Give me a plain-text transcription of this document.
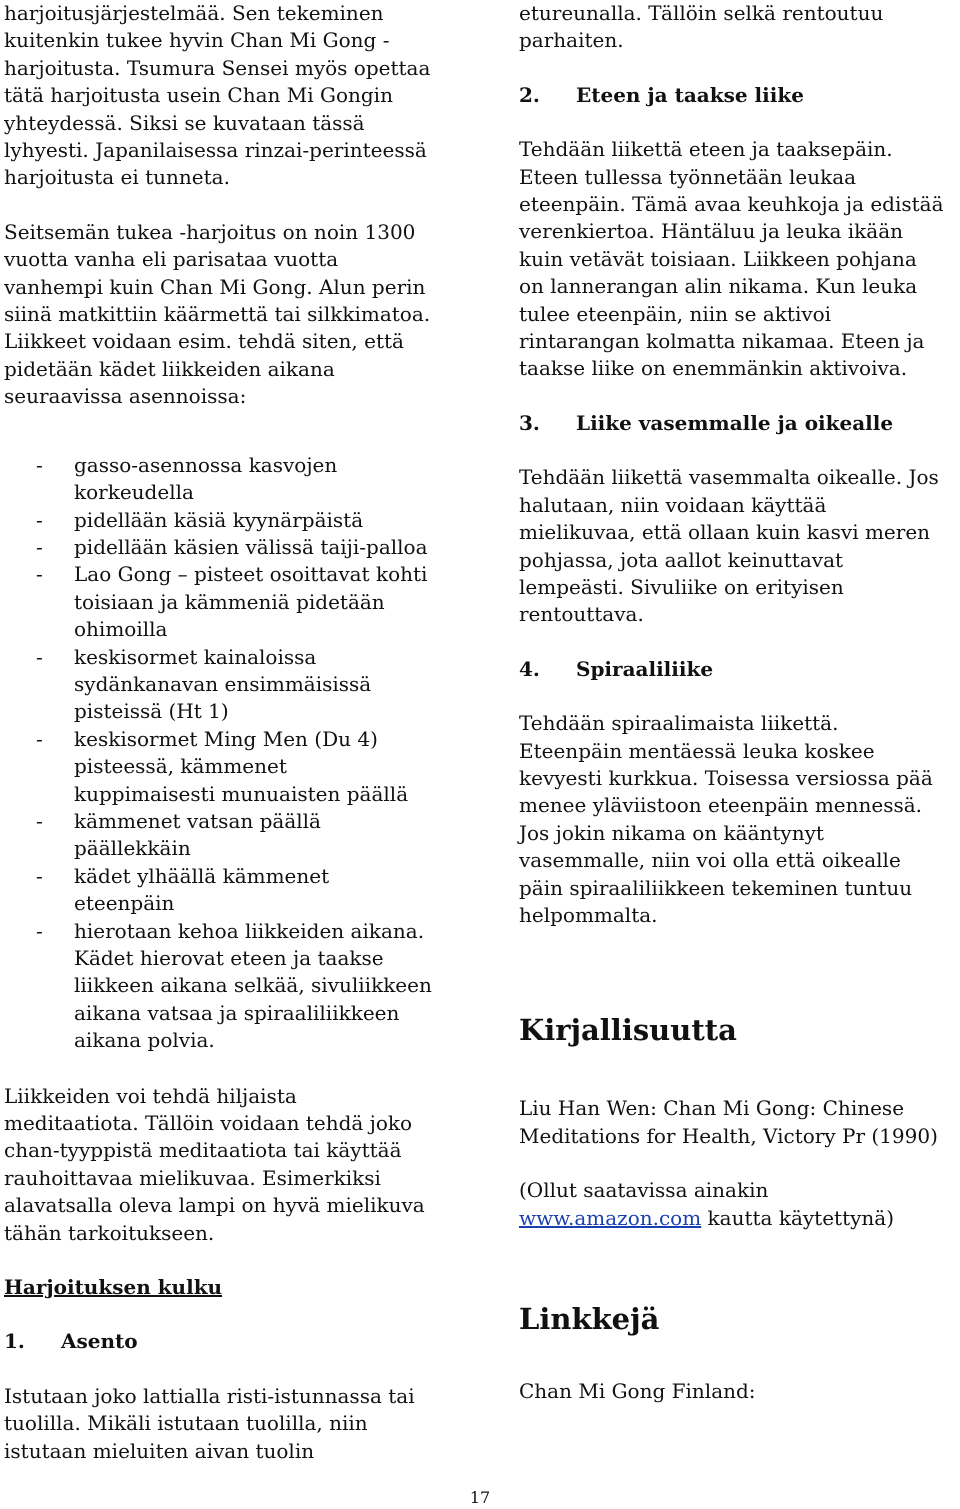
harjoitusjärjestelmää. Sen tekeminen

kuitenkin tukee hyvin Chan Mi Gong -

harjoitusta. Tsumura Sensei myös opettaa

tätä harjoitusta usein Chan Mi Gongin

yhteydessä. Siksi se kuvataan tässä

lyhyesti. Japanilaisessa rinzai-perinteessä

harjoitusta ei tunneta.

Seitsemän tukea -harjoitus on noin 1300

vuotta vanha eli parisataa vuotta

vanhempi kuin Chan Mi Gong. Alun perin

siinä matkittiin käärmettä tai silkkimatoa.

Liikkeet voidaan esim. tehdä siten, että

pidetään kädet liikkeiden aikana

seuraavissa asennoissa:

- gasso-asennossa kasvojen
korkeudella
- pidellään käsiä kyynärpäistä
- pidellään käsien välissä taiji-palloa
- Lao Gong – pisteet osoittavat kohti
toisiaan ja kämmeniä pidetään
ohimoilla
- keskisormet kainaloissa
sydänkanavan ensimmäisissä
pisteissä (Ht 1)
- keskisormet Ming Men (Du 4)
pisteessä, kämmenet
kuppimaisesti munuaisten päällä
- kämmenet vatsan päällä
päällekkäin
- kädet ylhäällä kämmenet
eteenpäin
- hierotaan kehoa liikkeiden aikana.
Kädet hierovat eteen ja taakse
liikkeen aikana selkää, sivuliikkeen
aikana vatsaa ja spiraaliliikkeen
aikana polvia.

Liikkeiden voi tehdä hiljaista

meditaatiota. Tällöin voidaan tehdä joko

chan-tyyppistä meditaatiota tai käyttää

rauhoittavaa mielikuvaa. Esimerkiksi

alavatsalla oleva lampi on hyvä mielikuva

tähän tarkoitukseen.

Harjoituksen kulku

1. Asento

Istutaan joko lattialla risti-istunnassa tai

tuolilla. Mikäli istutaan tuolilla, niin

istutaan mieluiten aivan tuolin

etureunalla. Tällöin selkä rentoutuu

parhaiten.

2. Eteen ja taakse liike

Tehdään liikettä eteen ja taaksepäin.

Eteen tullessa työnnetään leukaa

eteenpäin. Tämä avaa keuhkoja ja edistää

verenkiertoa. Häntäluu ja leuka ikään

kuin vetävät toisiaan. Liikkeen pohjana

on lannerangan alin nikama. Kun leuka

tulee eteenpäin, niin se aktivoi

rintarangan kolmatta nikamaa. Eteen ja

taakse liike on enemmänkin aktivoiva.

3. Liike vasemmalle ja oikealle

Tehdään liikettä vasemmalta oikealle. Jos

halutaan, niin voidaan käyttää

mielikuvaa, että ollaan kuin kasvi meren

pohjassa, jota aallot keinuttavat

lempeästi. Sivuliike on erityisen

rentouttava.

4. Spiraaliliike

Tehdään spiraalimaista liikettä.

Eteenpäin mentäessä leuka koskee

kevyesti kurkkua. Toisessa versiossa pää

menee yläviistoon eteenpäin mennessä.

Jos jokin nikama on kääntynyt

vasemmalle, niin voi olla että oikealle

päin spiraaliliikkeen tekeminen tuntuu

helpommalta.

Kirjallisuutta

Liu Han Wen: Chan Mi Gong: Chinese

Meditations for Health, Victory Pr (1990)

(Ollut saatavissa ainakin

www.amazon.com kautta käytettynä)

Linkkejä

Chan Mi Gong Finland:

17
